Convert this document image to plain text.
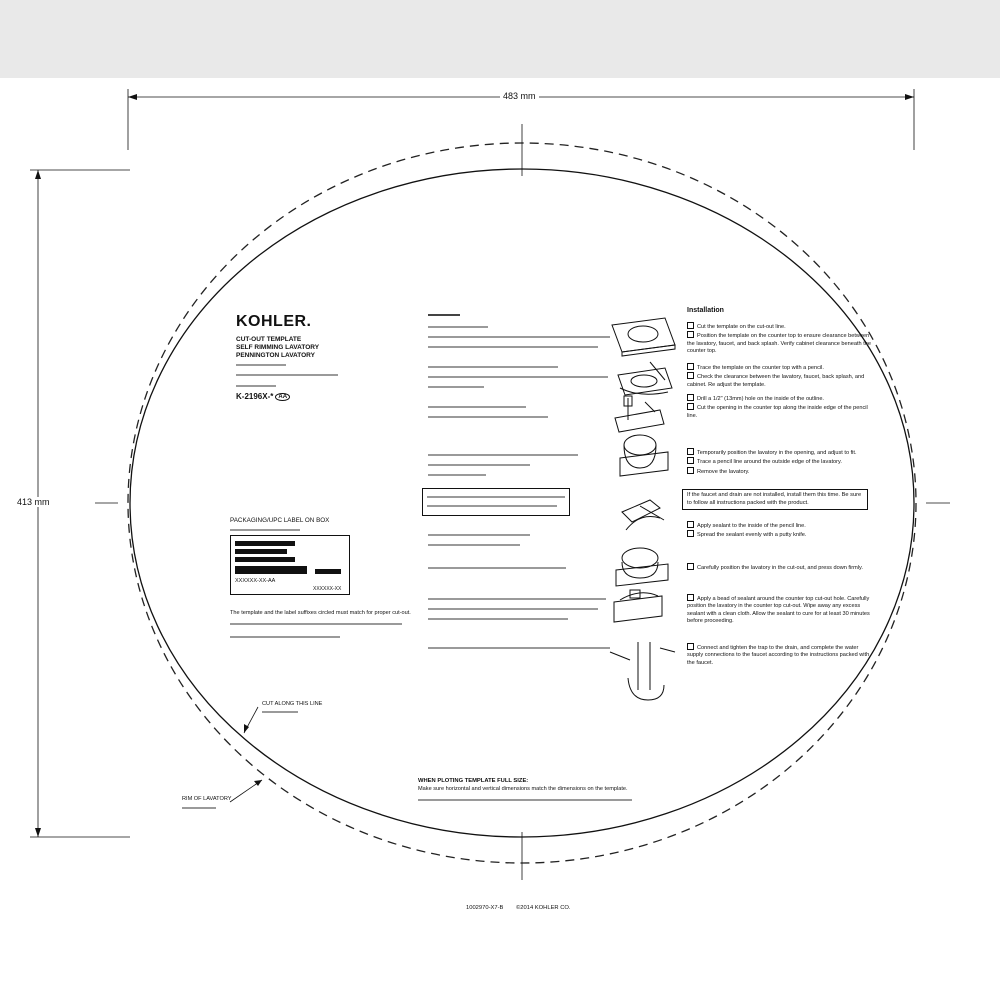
483 mm
413 mm
KOHLER.
CUT-OUT TEMPLATE
SELF RIMMING LAVATORY
PENNINGTON LAVATORY
K-2196X-* AA
PACKAGING/UPC LABEL ON BOX
XXXXXX-XX-AA
XXXXXX-XX
The template and the label suffixes circled must match for proper cut-out.
CUT ALONG THIS LINE
RIM OF LAVATORY
Installation
Cut the template on the cut-out line.
Position the template on the counter top to ensure clearance between the lavatory, faucet, and back splash. Verify cabinet clearance beneath the counter top.
Trace the template on the counter top with a pencil.
Check the clearance between the lavatory, faucet, back splash, and cabinet. Re adjust the template.
Drill a 1/2" (13mm) hole on the inside of the outline.
Cut the opening in the counter top along the inside edge of the pencil line.
Temporarily position the lavatory in the opening, and adjust to fit.
Trace a pencil line around the outside edge of the lavatory.
Remove the lavatory.
If the faucet and drain are not installed, install them this time. Be sure to follow all instructions packed with the product.
Apply sealant to the inside of the pencil line.
Spread the sealant evenly with a putty knife.
Carefully position the lavatory in the cut-out, and press down firmly.
Apply a bead of sealant around the counter top cut-out hole. Carefully position the lavatory in the counter top cut-out. Wipe away any excess sealant with a clean cloth. Allow the sealant to cure for at least 30 minutes before proceeding.
Connect and tighten the trap to the drain, and complete the water supply connections to the faucet according to the instructions packed with the faucet.
WHEN PLOTING TEMPLATE FULL SIZE:
Make sure horizontal and vertical dimensions match the dimensions on the template.
1002970-X7-B ©2014 KOHLER CO.
